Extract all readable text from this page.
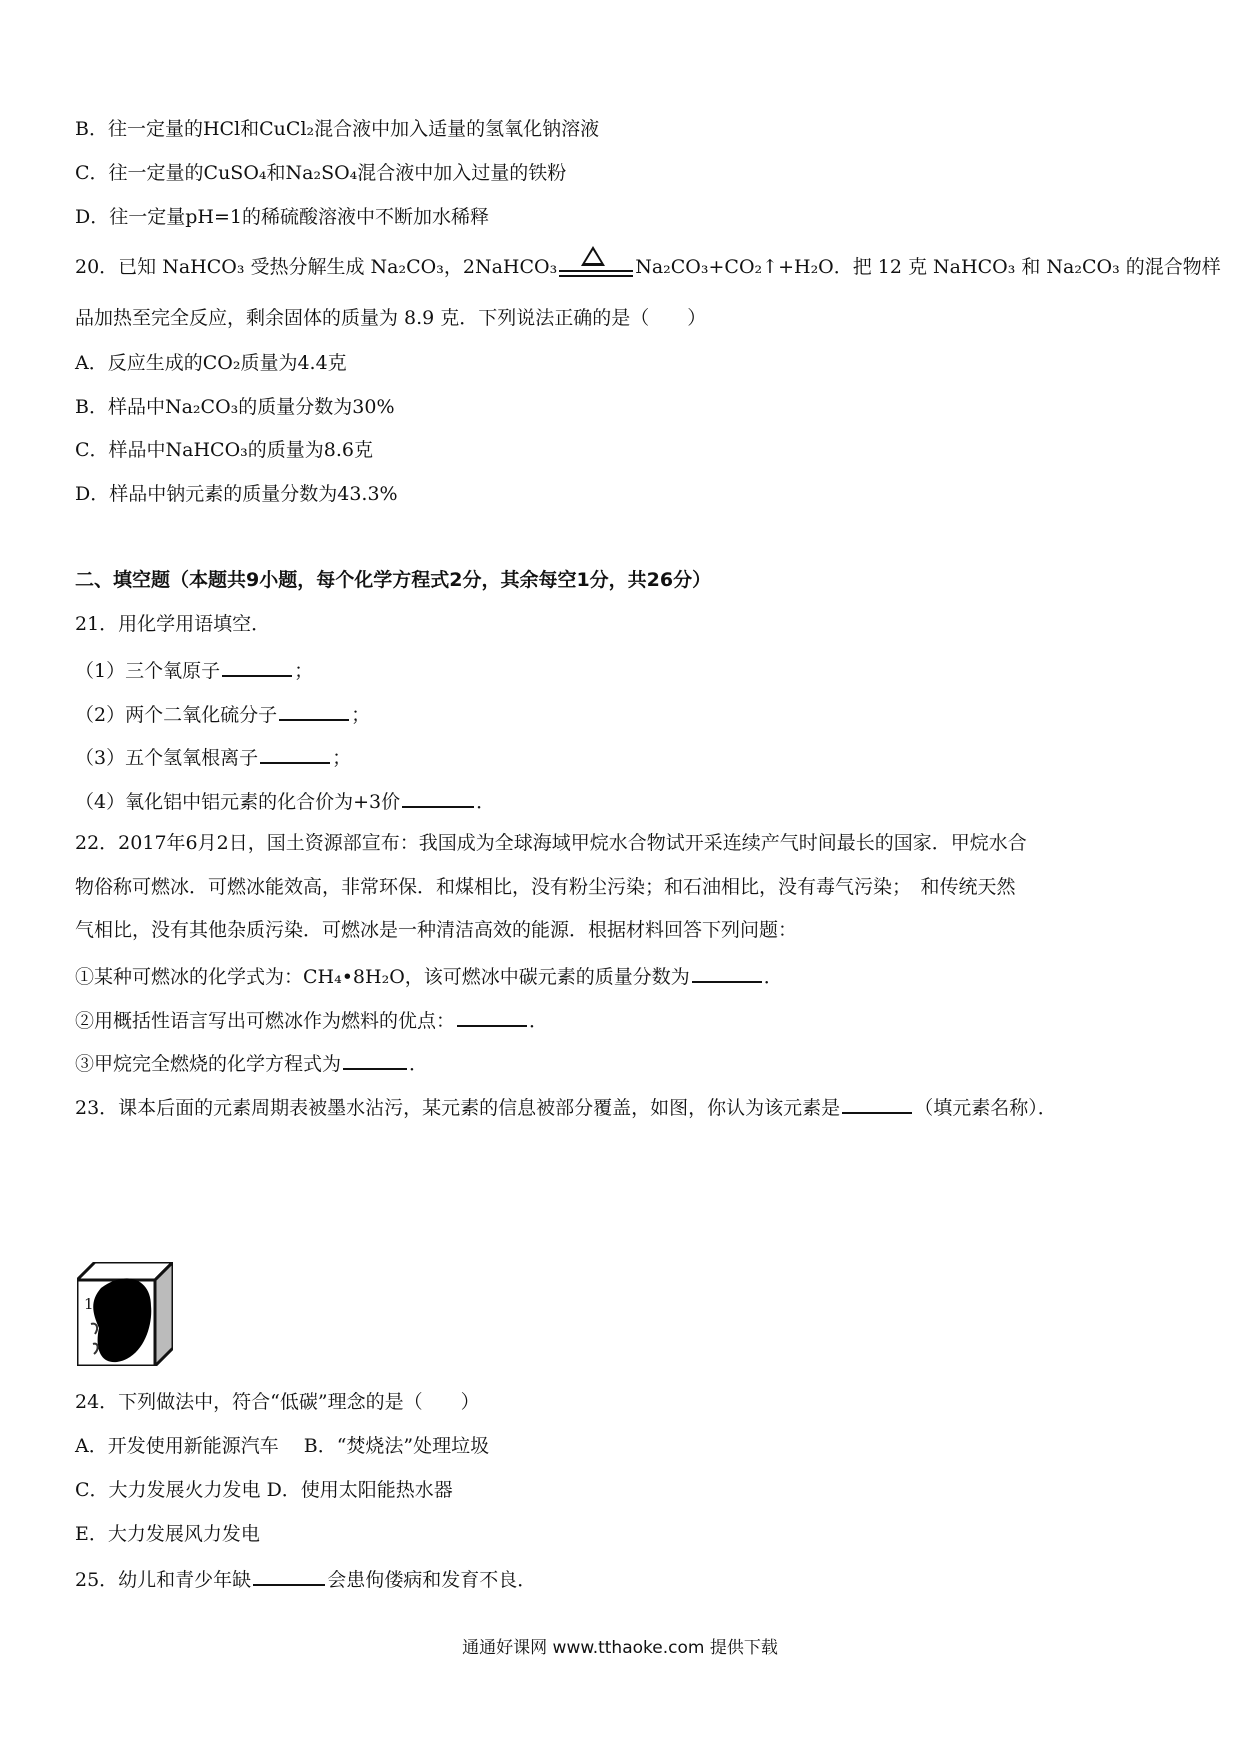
B．往一定量的HCl和CuCl₂混合液中加入适量的氢氧化钠溶液
C．往一定量的CuSO₄和Na₂SO₄混合液中加入过量的铁粉
D．往一定量pH=1的稀硫酸溶液中不断加水稀释
20．已知 NaHCO₃ 受热分解生成 Na₂CO₃，2NaHCO₃	Na₂CO₃+CO₂↑+H₂O．把 12 克 NaHCO₃ 和 Na₂CO₃ 的混合物样
品加热至完全反应，剩余固体的质量为 8.9 克．下列说法正确的是（　　）
A．反应生成的CO₂质量为4.4克
B．样品中Na₂CO₃的质量分数为30%
C．样品中NaHCO₃的质量为8.6克
D．样品中钠元素的质量分数为43.3%
二、填空题（本题共9小题，每个化学方程式2分，其余每空1分，共26分）
21．用化学用语填空．
（1）三个氧原子	；
（2）两个二氧化硫分子	；
（3）五个氢氧根离子	；
（4）氧化铝中铝元素的化合价为+3价	．
22．2017年6月2日，国土资源部宣布：我国成为全球海域甲烷水合物试开采连续产气时间最长的国家．甲烷水合
物俗称可燃冰．可燃冰能效高，非常环保．和煤相比，没有粉尘污染；和石油相比，没有毒气污染；　和传统天然
气相比，没有其他杂质污染．可燃冰是一种清洁高效的能源．根据材料回答下列问题：
①某种可燃冰的化学式为：CH₄•8H₂O，该可燃冰中碳元素的质量分数为	．
②用概括性语言写出可燃冰作为燃料的优点：	．
③甲烷完全燃烧的化学方程式为	．
23．课本后面的元素周期表被墨水沾污，某元素的信息被部分覆盖，如图，你认为该元素是	（填元素名称）．
1
24．下列做法中，符合“低碳”理念的是（　　）
A．开发使用新能源汽车　 B．“焚烧法”处理垃圾
C．大力发展火力发电 D．使用太阳能热水器
E．大力发展风力发电
25．幼儿和青少年缺	会患佝偻病和发育不良．
通通好课网 www.tthaoke.com 提供下载
